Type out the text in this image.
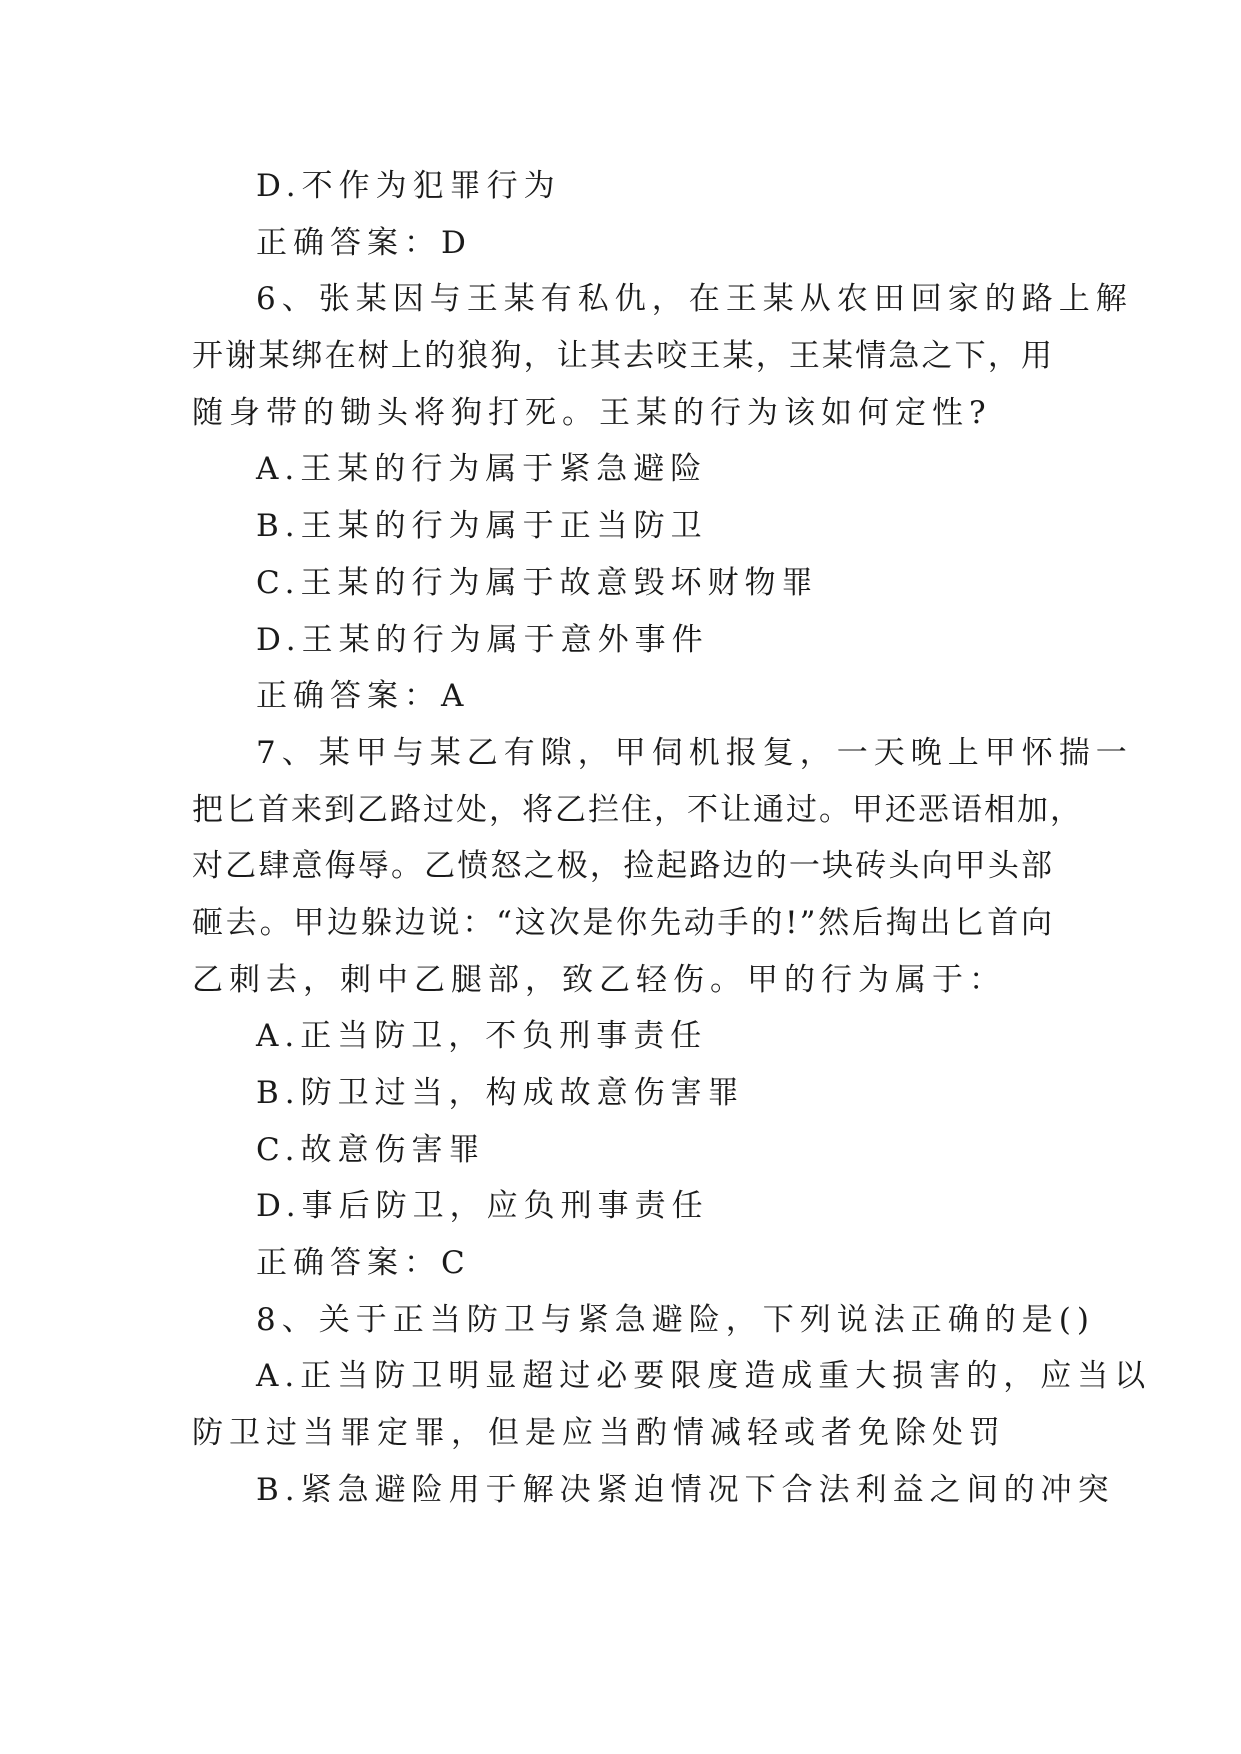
D.不作为犯罪行为
正确答案：D
6、张某因与王某有私仇，在王某从农田回家的路上解
开谢某绑在树上的狼狗，让其去咬王某，王某情急之下，用
随身带的锄头将狗打死。王某的行为该如何定性?
A.王某的行为属于紧急避险
B.王某的行为属于正当防卫
C.王某的行为属于故意毁坏财物罪
D.王某的行为属于意外事件
正确答案：A
7、某甲与某乙有隙，甲伺机报复，一天晚上甲怀揣一
把匕首来到乙路过处，将乙拦住，不让通过。甲还恶语相加，
对乙肆意侮辱。乙愤怒之极，捡起路边的一块砖头向甲头部
砸去。甲边躲边说：“这次是你先动手的!”然后掏出匕首向
乙刺去，刺中乙腿部，致乙轻伤。甲的行为属于：
A.正当防卫，不负刑事责任
B.防卫过当，构成故意伤害罪
C.故意伤害罪
D.事后防卫，应负刑事责任
正确答案：C
8、关于正当防卫与紧急避险，下列说法正确的是()
A.正当防卫明显超过必要限度造成重大损害的，应当以
防卫过当罪定罪，但是应当酌情减轻或者免除处罚
B.紧急避险用于解决紧迫情况下合法利益之间的冲突
